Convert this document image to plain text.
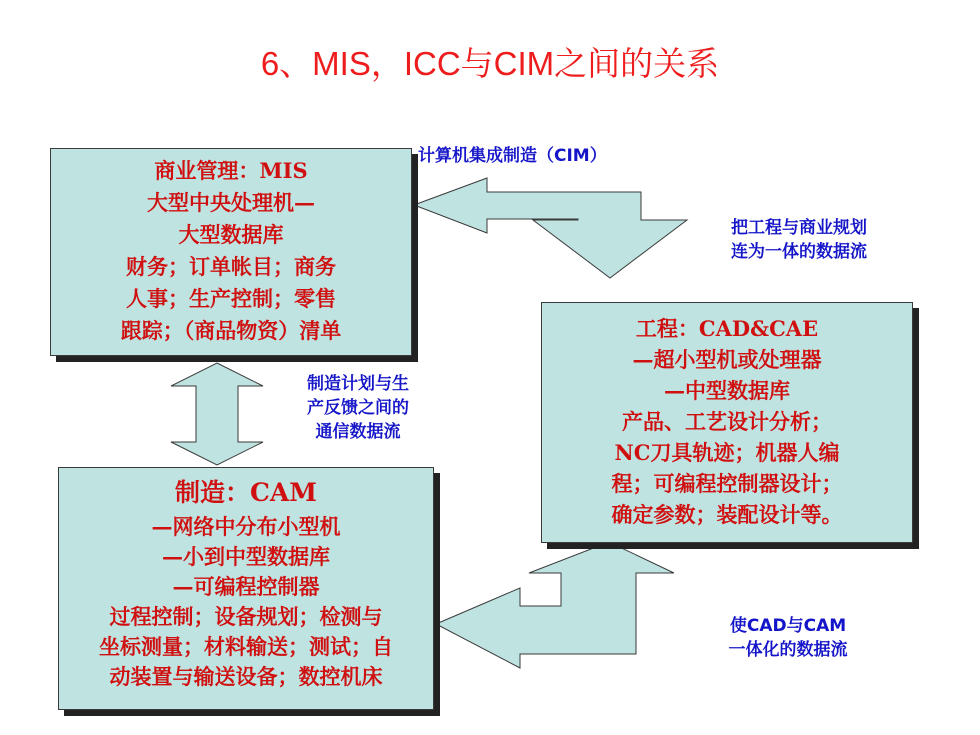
6、MIS，ICC与CIM之间的关系
商业管理：MIS
大型中央处理机—
大型数据库
财务；订单帐目；商务
人事；生产控制；零售
跟踪；（商品物资）清单	工程：CAD&CAE
—超小型机或处理器
—中型数据库
产品、工艺设计分析；
NC刀具轨迹；机器人编
程；可编程控制器设计；
确定参数；装配设计等。
制造：CAM
—网络中分布小型机
—小到中型数据库
—可编程控制器
过程控制；设备规划；检测与
坐标测量；材料输送；测试；自
动装置与输送设备；数控机床
计算机集成制造（CIM）
把工程与商业规划
连为一体的数据流
制造计划与生
产反馈之间的
通信数据流
使CAD与CAM
一体化的数据流
